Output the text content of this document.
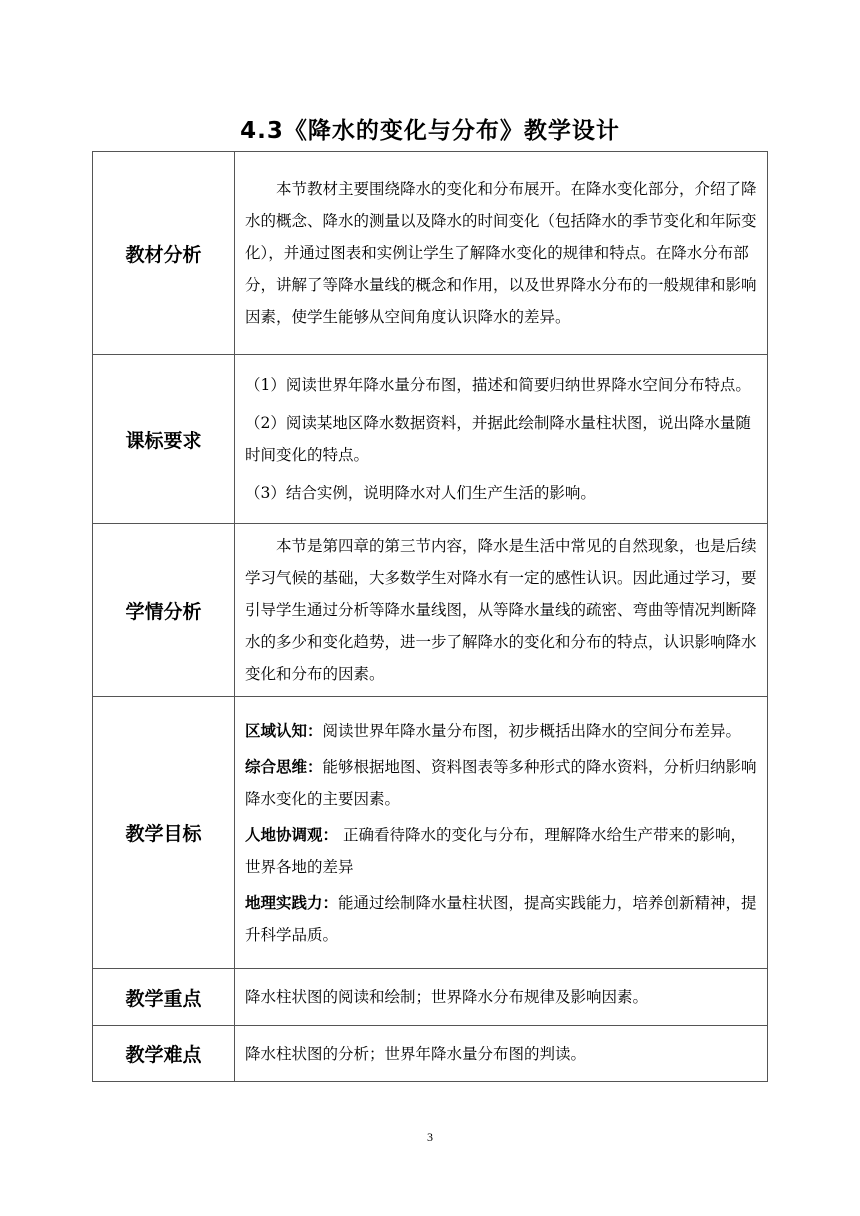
4.3《降水的变化与分布》教学设计
教材分析	本节教材主要围绕降水的变化和分布展开。在降水变化部分，介绍了降水的概念、降水的测量以及降水的时间变化（包括降水的季节变化和年际变化），并通过图表和实例让学生了解降水变化的规律和特点。在降水分布部分，讲解了等降水量线的概念和作用，以及世界降水分布的一般规律和影响因素，使学生能够从空间角度认识降水的差异。

课标要求	（1）阅读世界年降水量分布图，描述和简要归纳世界降水空间分布特点。

（2）阅读某地区降水数据资料，并据此绘制降水量柱状图，说出降水量随时间变化的特点。

（3）结合实例，说明降水对人们生产生活的影响。

学情分析	本节是第四章的第三节内容，降水是生活中常见的自然现象，也是后续学习气候的基础，大多数学生对降水有一定的感性认识。因此通过学习，要引导学生通过分析等降水量线图，从等降水量线的疏密、弯曲等情况判断降水的多少和变化趋势，进一步了解降水的变化和分布的特点，认识影响降水变化和分布的因素。

教学目标	区域认知：阅读世界年降水量分布图，初步概括出降水的空间分布差异。

综合思维：能够根据地图、资料图表等多种形式的降水资料，分析归纳影响降水变化的主要因素。

人地协调观： 正确看待降水的变化与分布，理解降水给生产带来的影响，世界各地的差异

地理实践力：能通过绘制降水量柱状图，提高实践能力，培养创新精神，提升科学品质。

教学重点	降水柱状图的阅读和绘制；世界降水分布规律及影响因素。
教学难点	降水柱状图的分析；世界年降水量分布图的判读。
3
